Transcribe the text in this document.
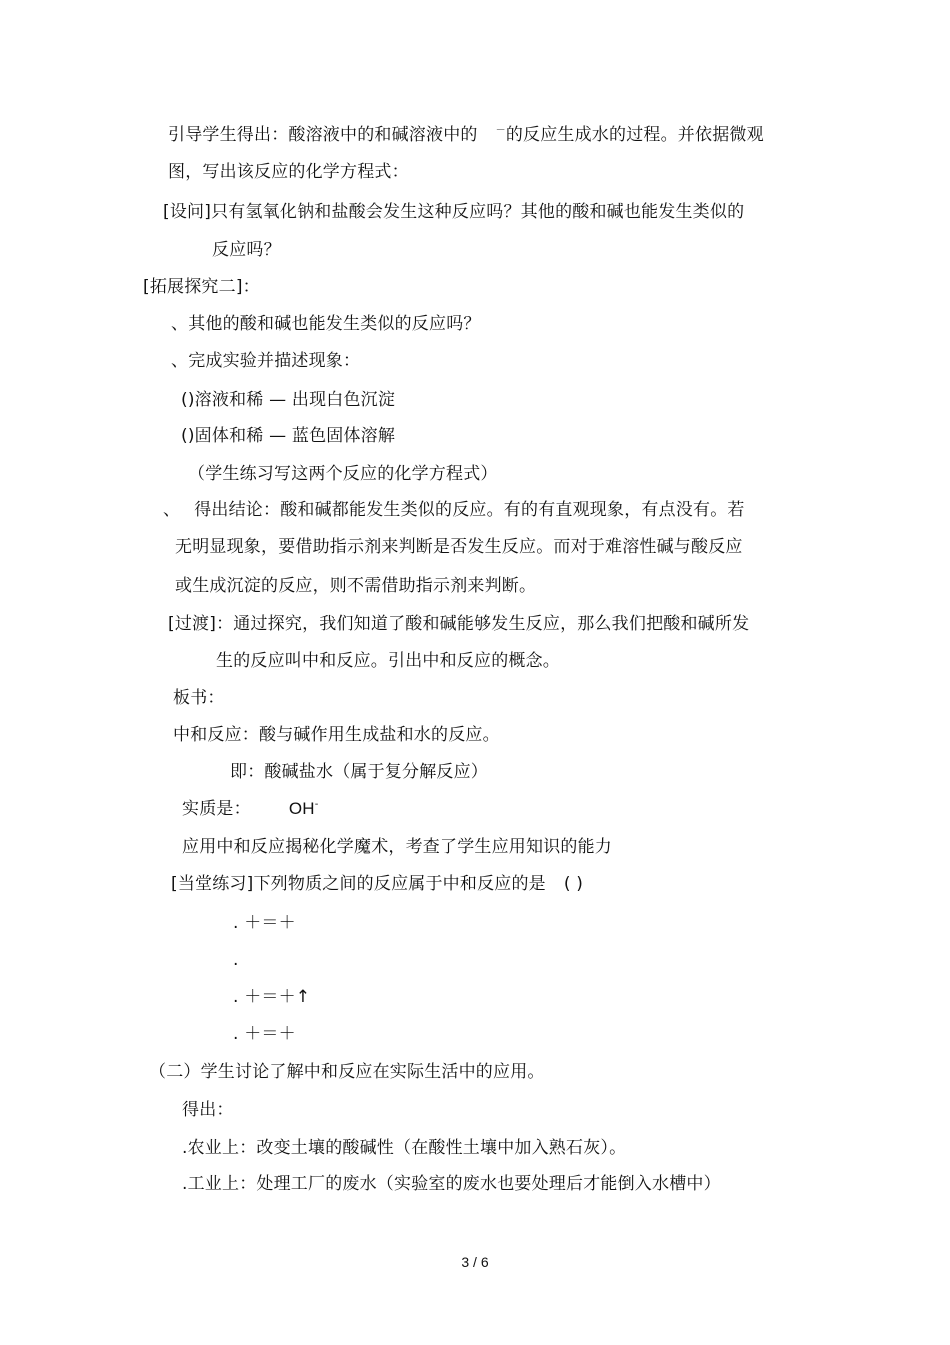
引导学生得出：酸溶液中的和碱溶液中的 －的反应生成水的过程。并依据微观
图，写出该反应的化学方程式：
[设问]只有氢氧化钠和盐酸会发生这种反应吗？其他的酸和碱也能发生类似的
反应吗？
[拓展探究二]：
、其他的酸和碱也能发生类似的反应吗？
、完成实验并描述现象：
()溶液和稀 — 出现白色沉淀
()固体和稀 — 蓝色固体溶解
（学生练习写这两个反应的化学方程式）
、 得出结论：酸和碱都能发生类似的反应。有的有直观现象，有点没有。若
无明显现象，要借助指示剂来判断是否发生反应。而对于难溶性碱与酸反应
或生成沉淀的反应，则不需借助指示剂来判断。
[过渡]：通过探究，我们知道了酸和碱能够发生反应，那么我们把酸和碱所发
生的反应叫中和反应。引出中和反应的概念。
板书：
中和反应：酸与碱作用生成盐和水的反应。
即：酸碱盐水（属于复分解反应）
实质是： OH-
应用中和反应揭秘化学魔术，考查了学生应用知识的能力
[当堂练习]下列物质之间的反应属于中和反应的是 ( )
. ＋＝＋
.
. ＋＝＋↑
. ＋＝＋
（二）学生讨论了解中和反应在实际生活中的应用。
得出：
.农业上：改变土壤的酸碱性（在酸性土壤中加入熟石灰）。
.工业上：处理工厂的废水（实验室的废水也要处理后才能倒入水槽中）
3 / 6
